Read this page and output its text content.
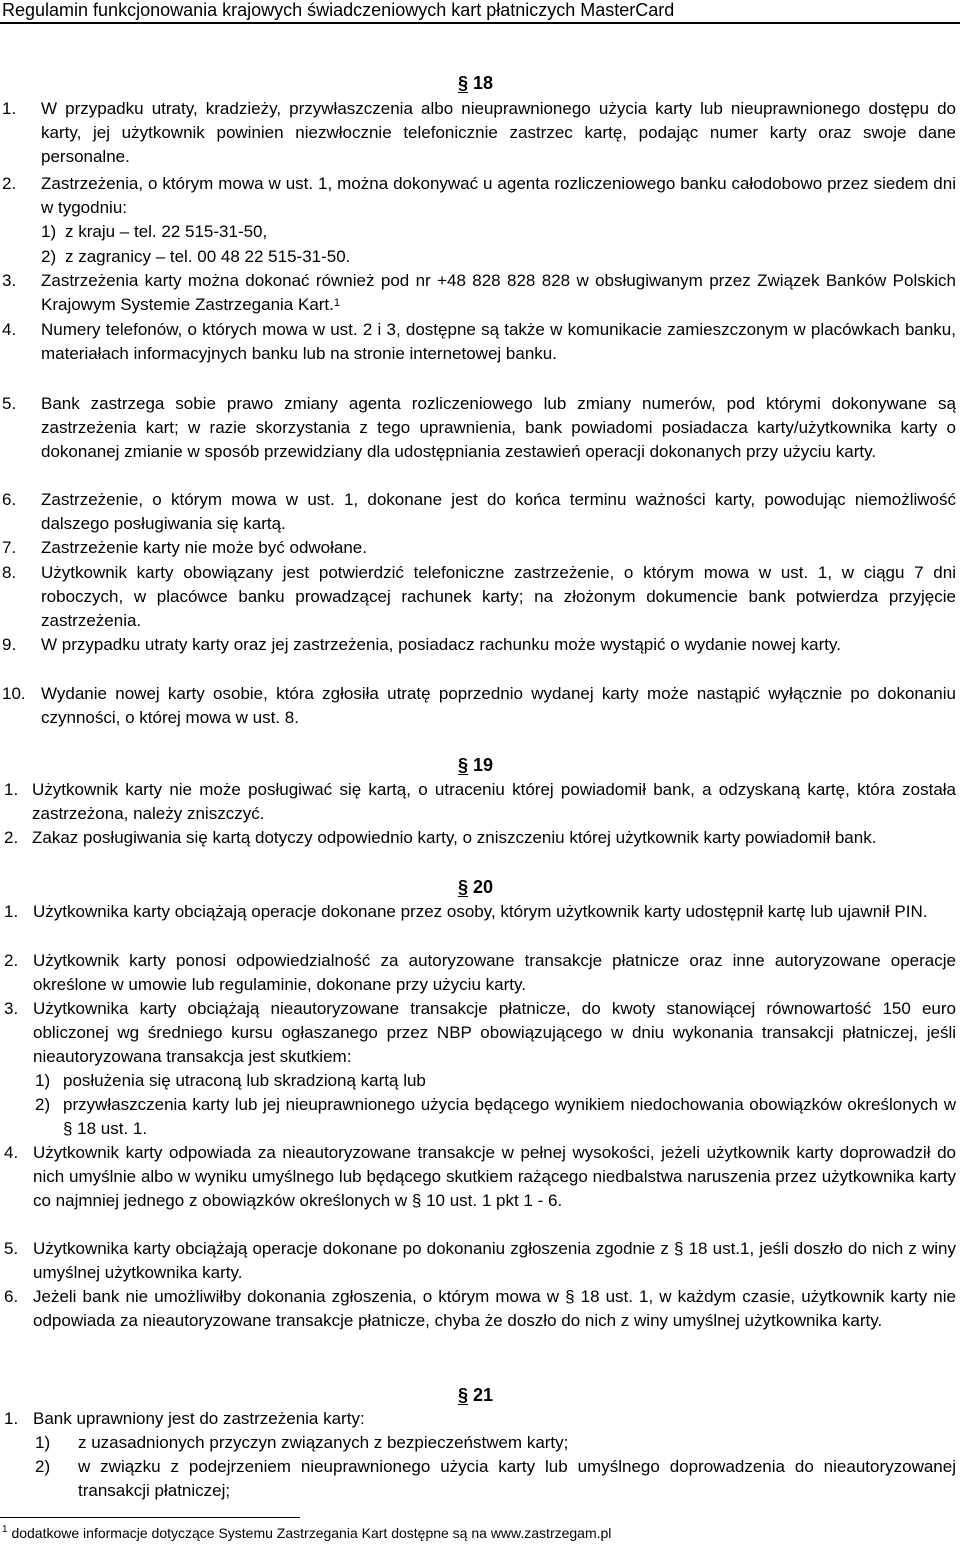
Regulamin funkcjonowania krajowych świadczeniowych kart płatniczych MasterCard
§ 18
1. W przypadku utraty, kradzieży, przywłaszczenia albo nieuprawnionego użycia karty lub nieuprawnionego dostępu do karty, jej użytkownik powinien niezwłocznie telefonicznie zastrzec kartę, podając numer karty oraz swoje dane personalne.
2. Zastrzeżenia, o którym mowa w ust. 1, można dokonywać u agenta rozliczeniowego banku całodobowo przez siedem dni w tygodniu:
1) z kraju – tel. 22 515-31-50,
2) z zagranicy – tel. 00 48 22 515-31-50.
3. Zastrzeżenia karty można dokonać również pod nr +48 828 828 828 w obsługiwanym przez Związek Banków Polskich Krajowym Systemie Zastrzegania Kart.$^1$
4. Numery telefonów, o których mowa w ust. 2 i 3, dostępne są także w komunikacie zamieszczonym w placówkach banku, materiałach informacyjnych banku lub na stronie internetowej banku.
5. Bank zastrzega sobie prawo zmiany agenta rozliczeniowego lub zmiany numerów, pod którymi dokonywane są zastrzeżenia kart; w razie skorzystania z tego uprawnienia, bank powiadomi posiadacza karty/użytkownika karty o dokonanej zmianie w sposób przewidziany dla udostępniania zestawień operacji dokonanych przy użyciu karty.
6. Zastrzeżenie, o którym mowa w ust. 1, dokonane jest do końca terminu ważności karty, powodując niemożliwość dalszego posługiwania się kartą.
7. Zastrzeżenie karty nie może być odwołane.
8. Użytkownik karty obowiązany jest potwierdzić telefoniczne zastrzeżenie, o którym mowa w ust. 1, w ciągu 7 dni roboczych, w placówce banku prowadzącej rachunek karty; na złożonym dokumencie bank potwierdza przyjęcie zastrzeżenia.
9. W przypadku utraty karty oraz jej zastrzeżenia, posiadacz rachunku może wystąpić o wydanie nowej karty.
10. Wydanie nowej karty osobie, która zgłosiła utratę poprzednio wydanej karty może nastąpić wyłącznie po dokonaniu czynności, o której mowa w ust. 8.
§ 19
1. Użytkownik karty nie może posługiwać się kartą, o utraceniu której powiadomił bank, a odzyskaną kartę, która została zastrzeżona, należy zniszczyć.
2. Zakaz posługiwania się kartą dotyczy odpowiednio karty, o zniszczeniu której użytkownik karty powiadomił bank.
§ 20
1. Użytkownika karty obciążają operacje dokonane przez osoby, którym użytkownik karty udostępnił kartę lub ujawnił PIN.
2. Użytkownik karty ponosi odpowiedzialność za autoryzowane transakcje płatnicze oraz inne autoryzowane operacje określone w umowie lub regulaminie, dokonane przy użyciu karty.
3. Użytkownika karty obciążają nieautoryzowane transakcje płatnicze, do kwoty stanowiącej równowartość 150 euro obliczonej wg średniego kursu ogłaszanego przez NBP obowiązującego w dniu wykonania transakcji płatniczej, jeśli nieautoryzowana transakcja jest skutkiem:
1) posłużenia się utraconą lub skradzioną kartą lub
2) przywłaszczenia karty lub jej nieuprawnionego użycia będącego wynikiem niedochowania obowiązków określonych w § 18 ust. 1.
4. Użytkownik karty odpowiada za nieautoryzowane transakcje w pełnej wysokości, jeżeli użytkownik karty doprowadził do nich umyślnie albo w wyniku umyślnego lub będącego skutkiem rażącego niedbalstwa naruszenia przez użytkownika karty co najmniej jednego z obowiązków określonych w § 10 ust. 1 pkt 1 - 6.
5. Użytkownika karty obciążają operacje dokonane po dokonaniu zgłoszenia zgodnie z § 18 ust.1, jeśli doszło do nich z winy umyślnej użytkownika karty.
6. Jeżeli bank nie umożliwiłby dokonania zgłoszenia, o którym mowa w § 18 ust. 1, w każdym czasie, użytkownik karty nie odpowiada za nieautoryzowane transakcje płatnicze, chyba że doszło do nich z winy umyślnej użytkownika karty.
§ 21
1. Bank uprawniony jest do zastrzeżenia karty:
1) z uzasadnionych przyczyn związanych z bezpieczeństwem karty;
2) w związku z podejrzeniem nieuprawnionego użycia karty lub umyślnego doprowadzenia do nieautoryzowanej transakcji płatniczej;
$^1$ dodatkowe informacje dotyczące Systemu Zastrzegania Kart dostępne są na www.zastrzegam.pl
